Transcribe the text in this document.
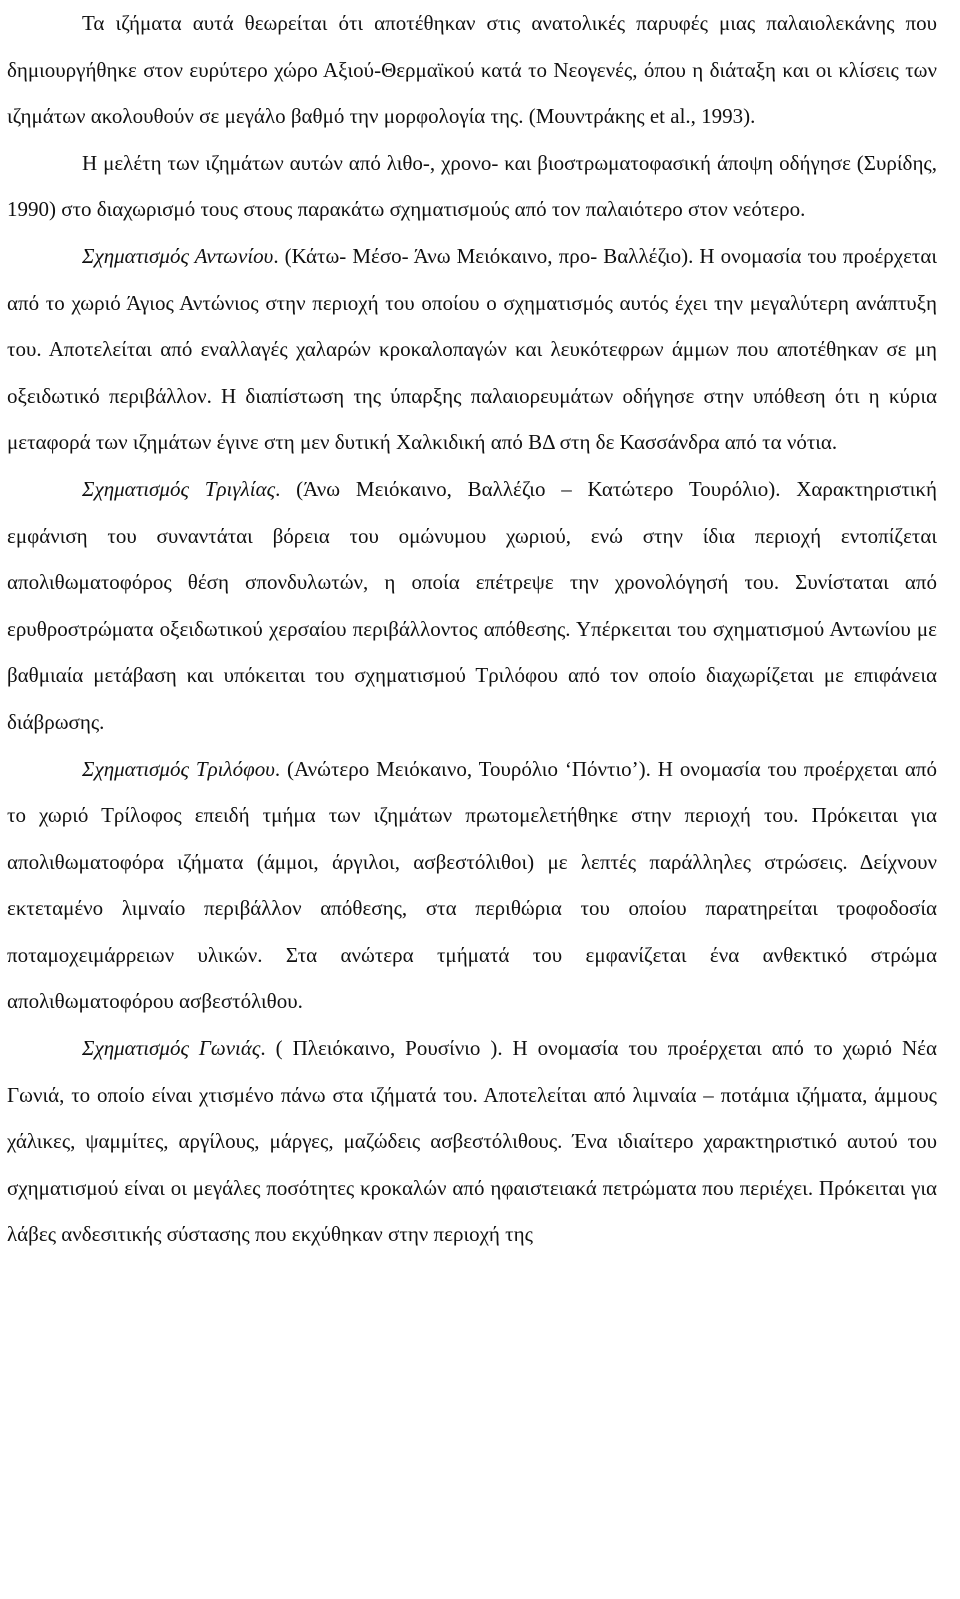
Τα ιζήματα αυτά θεωρείται ότι αποτέθηκαν στις ανατολικές παρυφές μιας παλαιολεκάνης που δημιουργήθηκε στον ευρύτερο χώρο Αξιού-Θερμαϊκού κατά το Νεογενές, όπου η διάταξη και οι κλίσεις των ιζημάτων ακολουθούν σε μεγάλο βαθμό την μορφολογία της. (Μουντράκης et al., 1993).

Η μελέτη των ιζημάτων αυτών από λιθο-, χρονο- και βιοστρωματοφασική άποψη οδήγησε (Συρίδης, 1990) στο διαχωρισμό τους στους παρακάτω σχηματισμούς από τον παλαιότερο στον νεότερο.

Σχηματισμός Αντωνίου. (Κάτω- Μέσο- Άνω Μειόκαινο, προ- Βαλλέζιο). Η ονομασία του προέρχεται από το χωριό Άγιος Αντώνιος στην περιοχή του οποίου ο σχηματισμός αυτός έχει την μεγαλύτερη ανάπτυξη του. Αποτελείται από εναλλαγές χαλαρών κροκαλοπαγών και λευκότεφρων άμμων που αποτέθηκαν σε μη οξειδωτικό περιβάλλον. Η διαπίστωση της ύπαρξης παλαιορευμάτων οδήγησε στην υπόθεση ότι η κύρια μεταφορά των ιζημάτων έγινε στη μεν δυτική Χαλκιδική από ΒΔ στη δε Κασσάνδρα από τα νότια.

Σχηματισμός Τριγλίας. (Άνω Μειόκαινο, Βαλλέζιο – Κατώτερο Τουρόλιο). Χαρακτηριστική εμφάνιση του συναντάται βόρεια του ομώνυμου χωριού, ενώ στην ίδια περιοχή εντοπίζεται απολιθωματοφόρος θέση σπονδυλωτών, η οποία επέτρεψε την χρονολόγησή του. Συνίσταται από ερυθροστρώματα οξειδωτικού χερσαίου περιβάλλοντος απόθεσης. Υπέρκειται του σχηματισμού Αντωνίου με βαθμιαία μετάβαση και υπόκειται του σχηματισμού Τριλόφου από τον οποίο διαχωρίζεται με επιφάνεια διάβρωσης.

Σχηματισμός Τριλόφου. (Ανώτερο Μειόκαινο, Τουρόλιο ‘Πόντιο’). Η ονομασία του προέρχεται από το χωριό Τρίλοφος επειδή τμήμα των ιζημάτων πρωτομελετήθηκε στην περιοχή του. Πρόκειται για απολιθωματοφόρα ιζήματα (άμμοι, άργιλοι, ασβεστόλιθοι) με λεπτές παράλληλες στρώσεις. Δείχνουν εκτεταμένο λιμναίο περιβάλλον απόθεσης, στα περιθώρια του οποίου παρατηρείται τροφοδοσία ποταμοχειμάρρειων υλικών. Στα ανώτερα τμήματά του εμφανίζεται ένα ανθεκτικό στρώμα απολιθωματοφόρου ασβεστόλιθου.

Σχηματισμός Γωνιάς. ( Πλειόκαινο, Ρουσίνιο ). Η ονομασία του προέρχεται από το χωριό Νέα Γωνιά, το οποίο είναι χτισμένο πάνω στα ιζήματά του. Αποτελείται από λιμναία – ποτάμια ιζήματα, άμμους χάλικες, ψαμμίτες, αργίλους, μάργες, μαζώδεις ασβεστόλιθους. Ένα ιδιαίτερο χαρακτηριστικό αυτού του σχηματισμού είναι οι μεγάλες ποσότητες κροκαλών από ηφαιστειακά πετρώματα που περιέχει. Πρόκειται για λάβες ανδεσιτικής σύστασης που εκχύθηκαν στην περιοχή της
